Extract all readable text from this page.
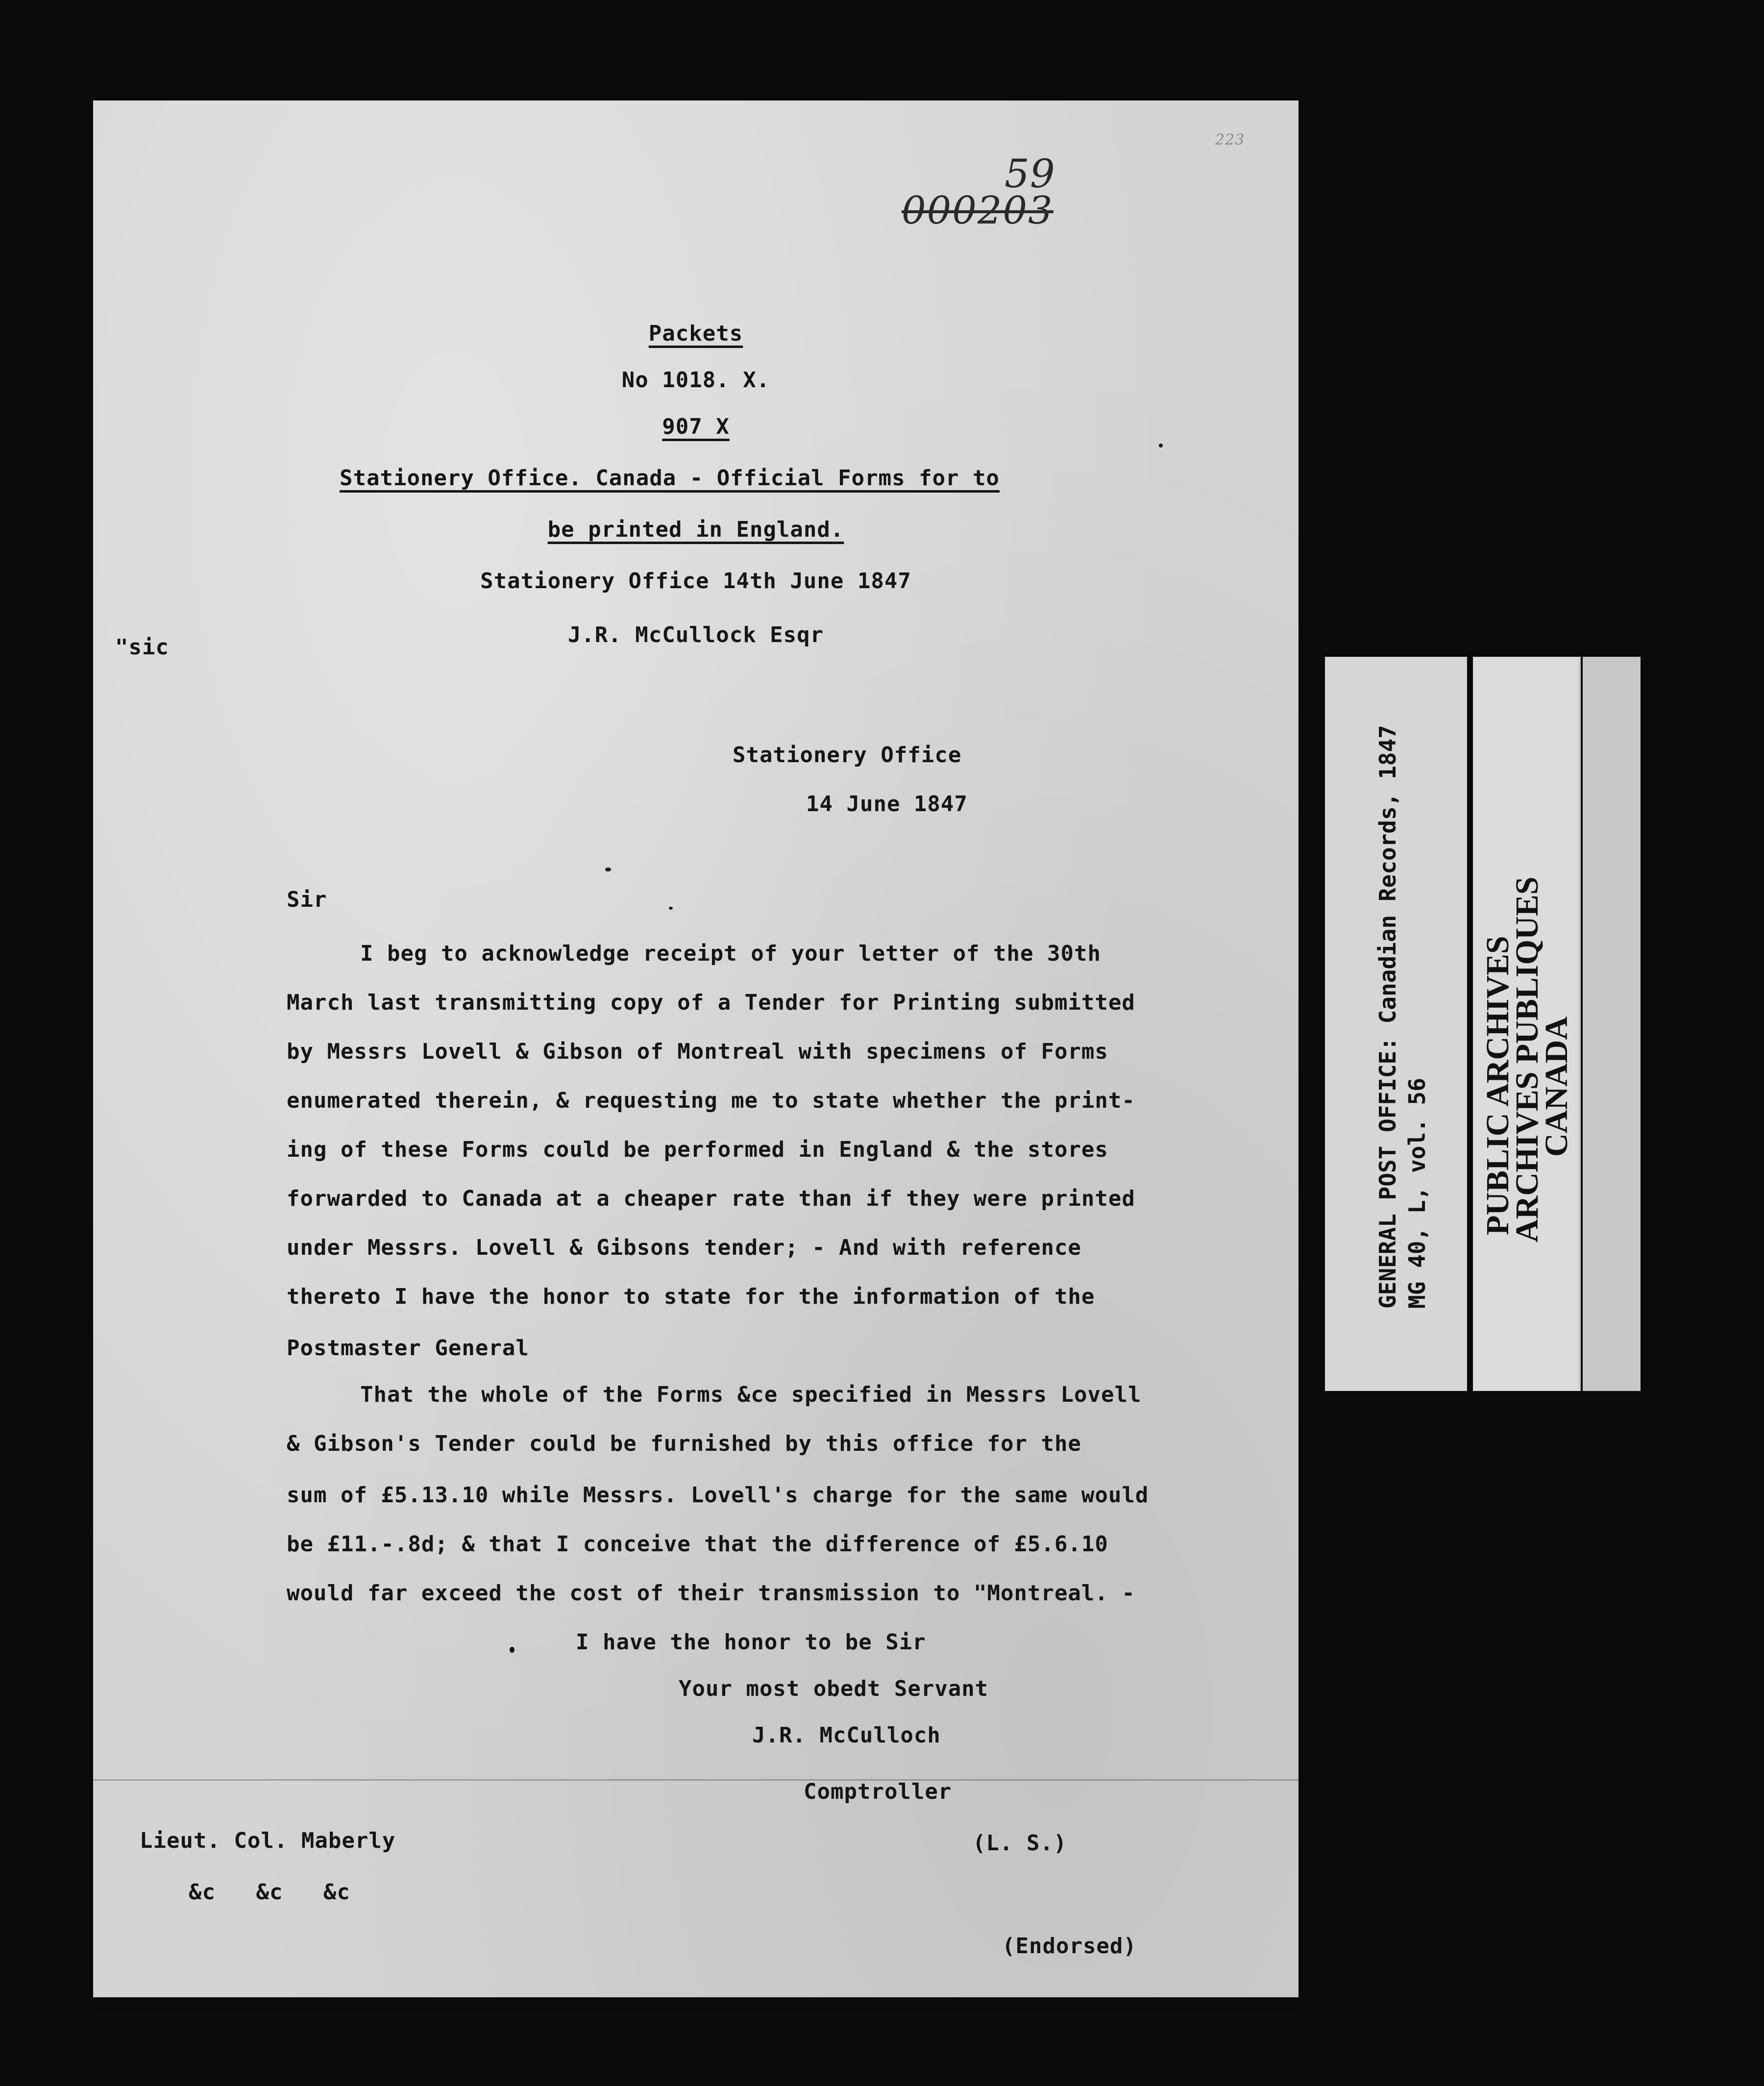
223
59
000203
Packets
No 1018. X.
907 X
Stationery Office. Canada - Official Forms for to
be printed in England.
Stationery Office 14th June 1847
J.R. McCullock Esqr
"sic
Stationery Office
14 June 1847
Sir
I beg to acknowledge receipt of your letter of the 30th
March last transmitting copy of a Tender for Printing submitted
by Messrs Lovell & Gibson of Montreal with specimens of Forms
enumerated therein, & requesting me to state whether the print-
ing of these Forms could be performed in England & the stores
forwarded to Canada at a cheaper rate than if they were printed
under Messrs. Lovell & Gibsons tender; - And with reference
thereto I have the honor to state for the information of the
Postmaster General
That the whole of the Forms &ce specified in Messrs Lovell
& Gibson's Tender could be furnished by this office for the
sum of £5.13.10 while Messrs. Lovell's charge for the same would
be £11.-.8d; & that I conceive that the difference of £5.6.10
would far exceed the cost of their transmission to "Montreal. -
I have the honor to be Sir
Your most obedt Servant
J.R. McCulloch
Comptroller
Lieut. Col. Maberly	(L. S.)
&c   &c   &c
(Endorsed)
GENERAL POST OFFICE: Canadian Records, 1847 MG 40, L, vol. 56 PUBLIC ARCHIVES
ARCHIVES PUBLIQUES
CANADA
